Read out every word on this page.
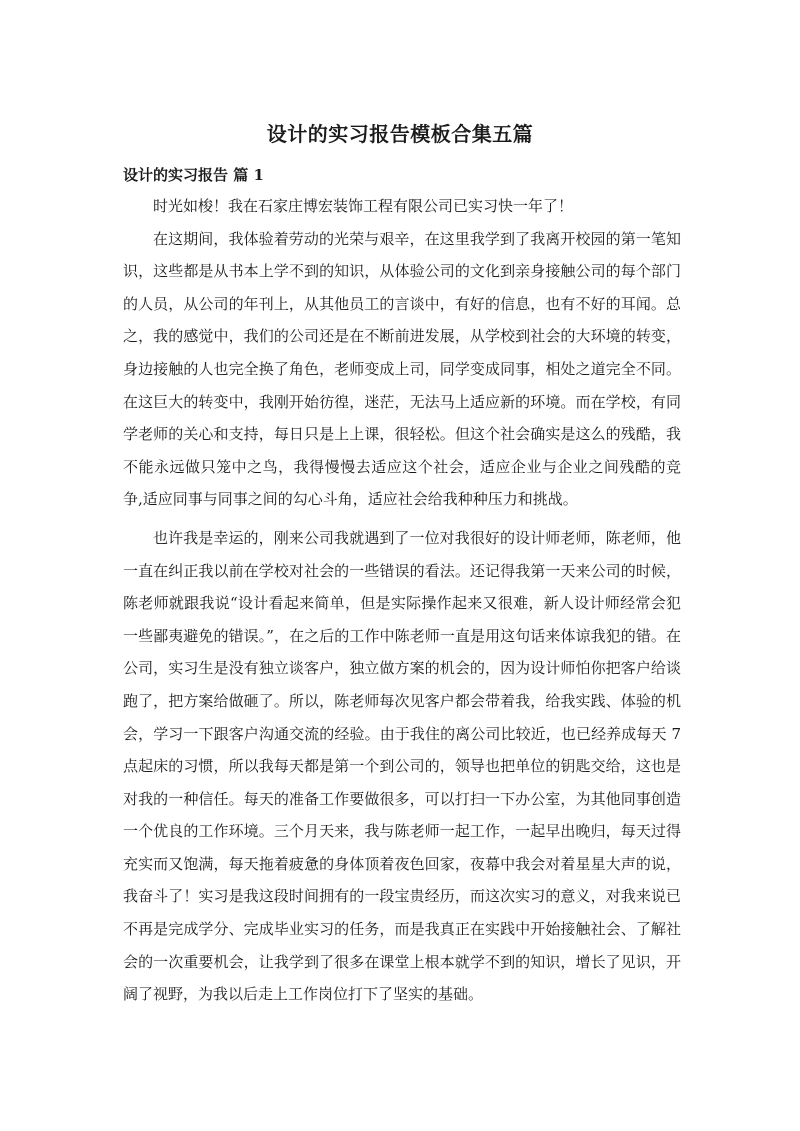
设计的实习报告模板合集五篇
设计的实习报告 篇 1

时光如梭！我在石家庄博宏装饰工程有限公司已实习快一年了！

在这期间，我体验着劳动的光荣与艰辛，在这里我学到了我离开校园的第一笔知识，这些都是从书本上学不到的知识，从体验公司的文化到亲身接触公司的每个部门的人员，从公司的年刊上，从其他员工的言谈中，有好的信息，也有不好的耳闻。总之，我的感觉中，我们的公司还是在不断前进发展，从学校到社会的大环境的转变，身边接触的人也完全换了角色，老师变成上司，同学变成同事，相处之道完全不同。在这巨大的转变中，我刚开始彷徨，迷茫，无法马上适应新的环境。而在学校，有同学老师的关心和支持，每日只是上上课，很轻松。但这个社会确实是这么的残酷，我不能永远做只笼中之鸟，我得慢慢去适应这个社会，适应企业与企业之间残酷的竞争,适应同事与同事之间的勾心斗角，适应社会给我种种压力和挑战。

也许我是幸运的，刚来公司我就遇到了一位对我很好的设计师老师，陈老师，他一直在纠正我以前在学校对社会的一些错误的看法。还记得我第一天来公司的时候，陈老师就跟我说“设计看起来简单，但是实际操作起来又很难，新人设计师经常会犯一些鄙夷避免的错误。”，在之后的工作中陈老师一直是用这句话来体谅我犯的错。在公司，实习生是没有独立谈客户，独立做方案的机会的，因为设计师怕你把客户给谈跑了，把方案给做砸了。所以，陈老师每次见客户都会带着我，给我实践、体验的机会，学习一下跟客户沟通交流的经验。由于我住的离公司比较近，也已经养成每天 7 点起床的习惯，所以我每天都是第一个到公司的，领导也把单位的钥匙交给，这也是对我的一种信任。每天的准备工作要做很多，可以打扫一下办公室，为其他同事创造一个优良的工作环境。三个月天来，我与陈老师一起工作，一起早出晚归，每天过得充实而又饱满，每天拖着疲惫的身体顶着夜色回家，夜幕中我会对着星星大声的说，我奋斗了！实习是我这段时间拥有的一段宝贵经历，而这次实习的意义，对我来说已不再是完成学分、完成毕业实习的任务，而是我真正在实践中开始接触社会、了解社会的一次重要机会，让我学到了很多在课堂上根本就学不到的知识，增长了见识，开阔了视野，为我以后走上工作岗位打下了坚实的基础。
